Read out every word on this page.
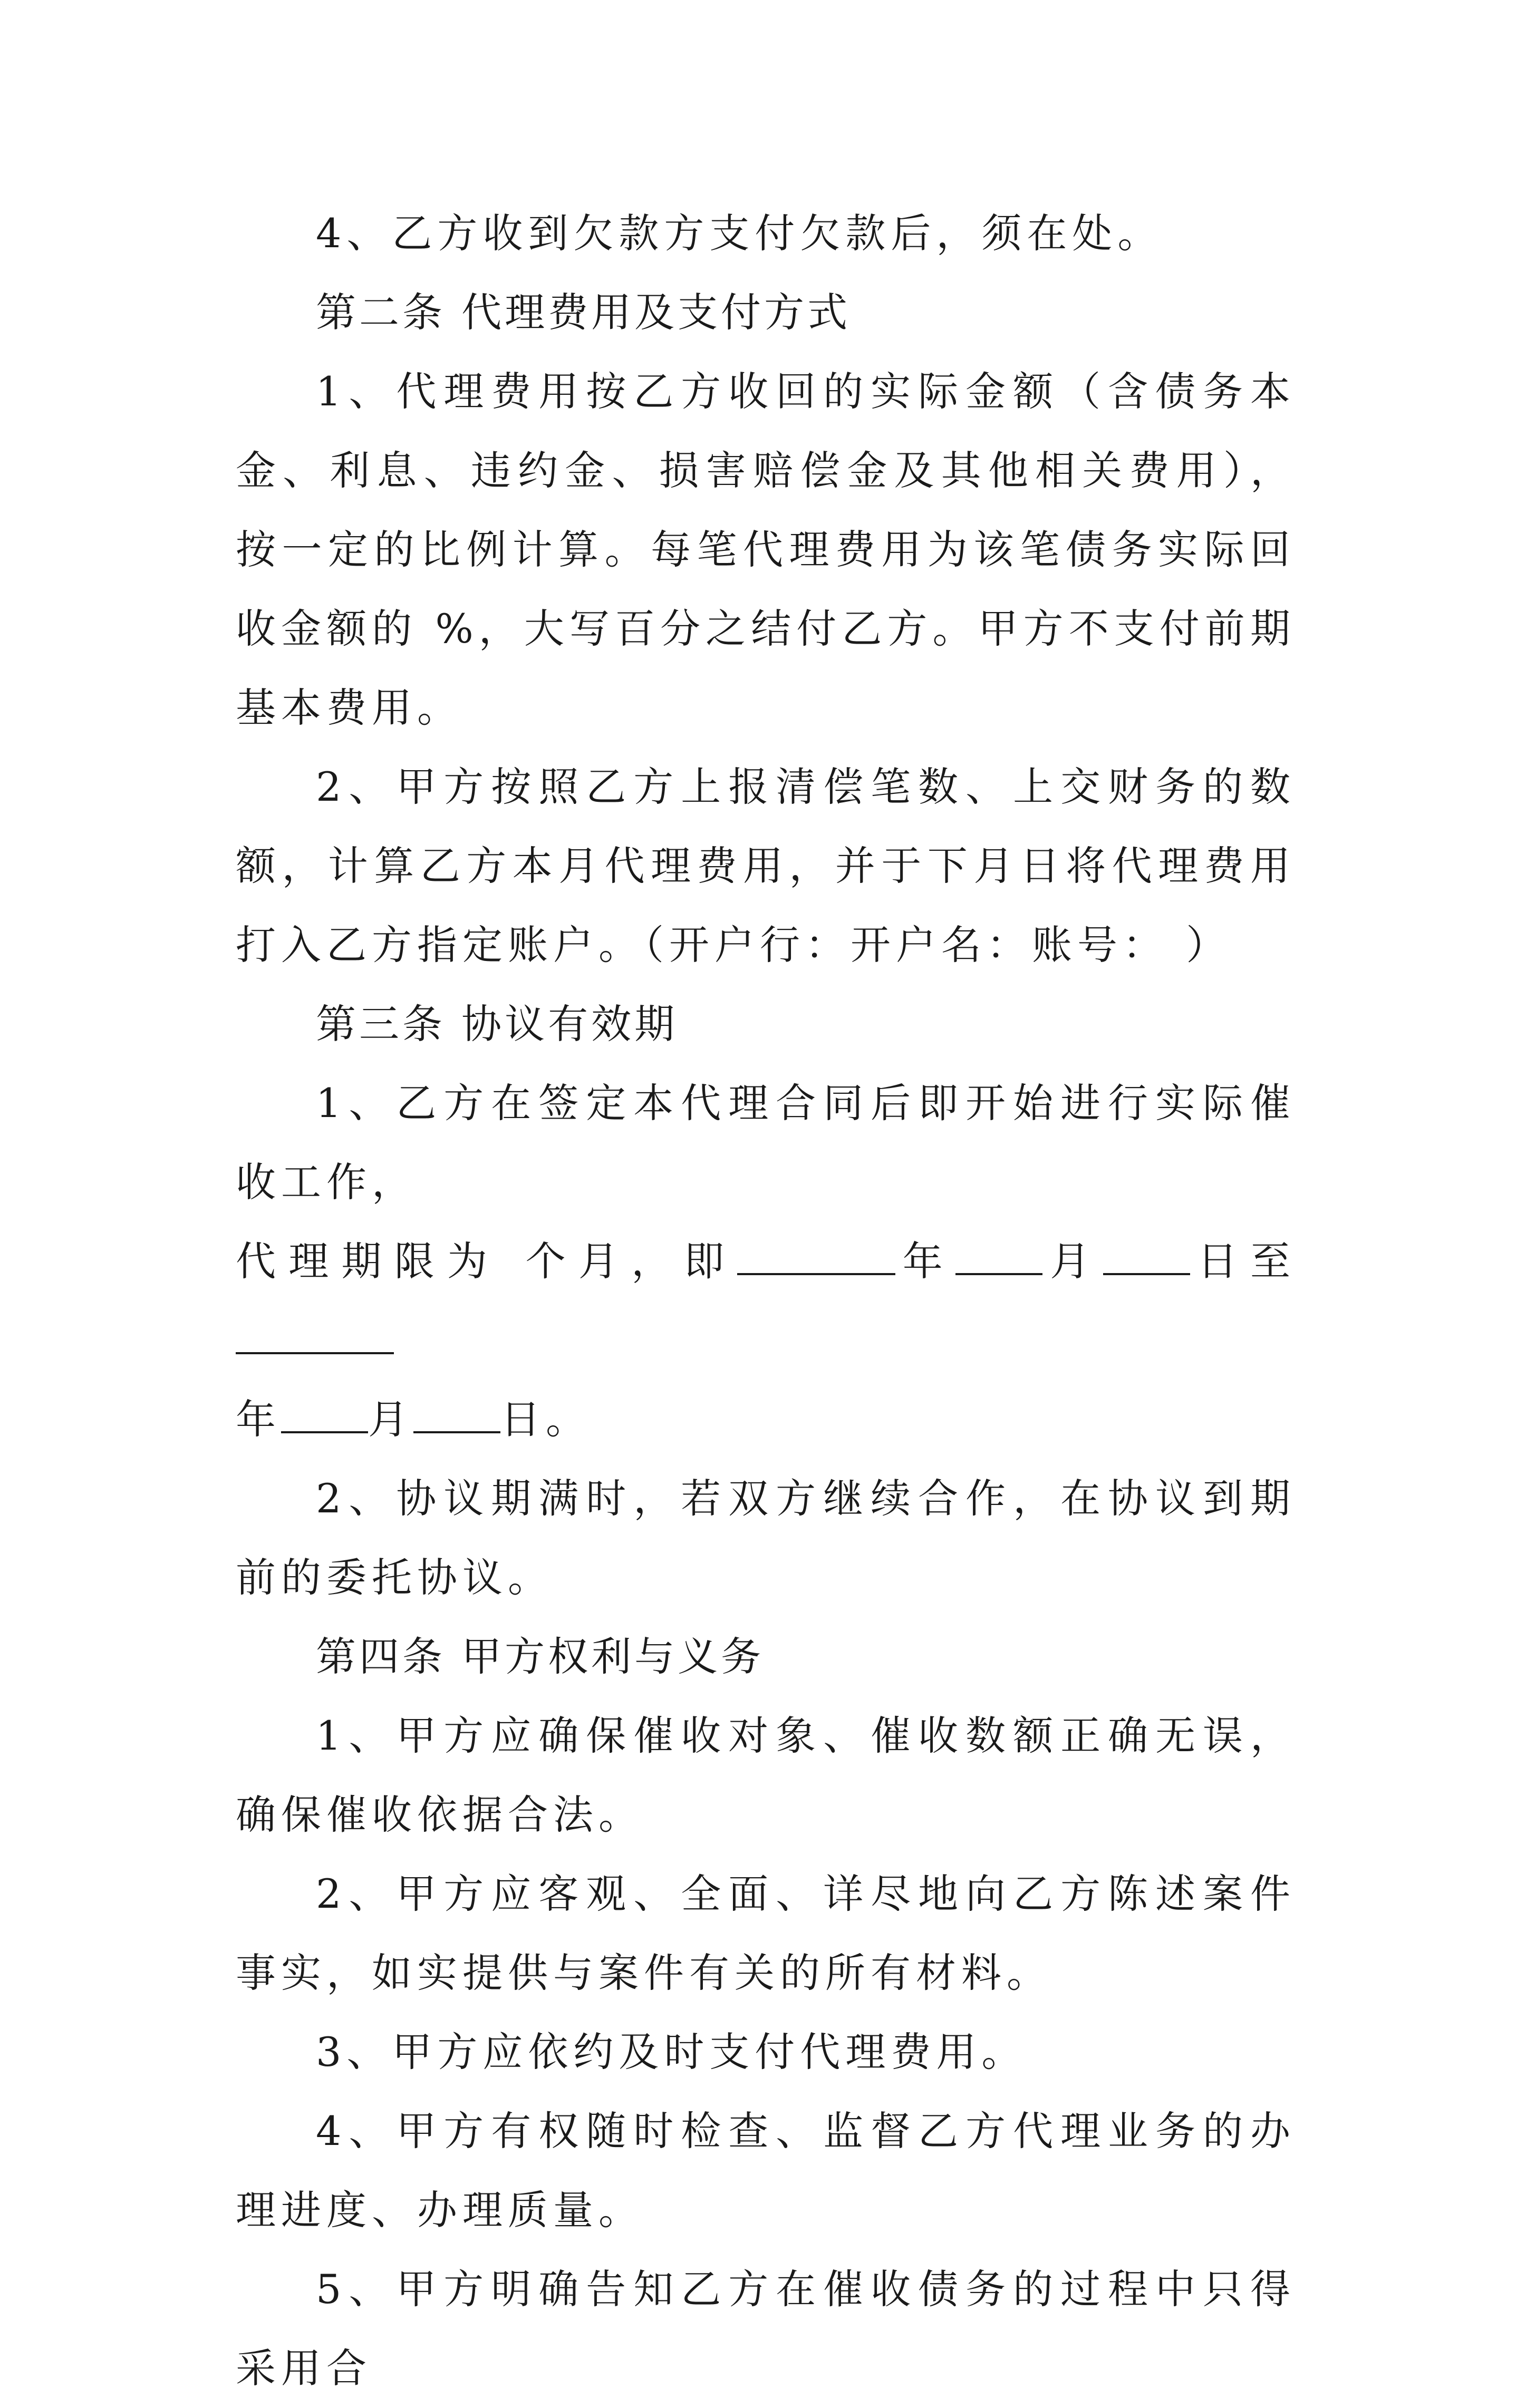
4、乙方收到欠款方支付欠款后，须在处。

第二条 代理费用及支付方式

1、代理费用按乙方收回的实际金额（含债务本金、利息、违约金、损害赔偿金及其他相关费用），按一定的比例计算。每笔代理费用为该笔债务实际回收金额的 %，大写百分之结付乙方。甲方不支付前期基本费用。

2、甲方按照乙方上报清偿笔数、上交财务的数额，计算乙方本月代理费用，并于下月日将代理费用打入乙方指定账户。（开户行：开户名：账号： ）

第三条 协议有效期

1、乙方在签定本代理合同后即开始进行实际催收工作，
代理期限为 个月，即	年 月 日至
年 月 日。

2、协议期满时，若双方继续合作，在协议到期前的委托协议。

第四条 甲方权利与义务

1、甲方应确保催收对象、催收数额正确无误，确保催收依据合法。

2、甲方应客观、全面、详尽地向乙方陈述案件事实，如实提供与案件有关的所有材料。

3、甲方应依约及时支付代理费用。

4、甲方有权随时检查、监督乙方代理业务的办理进度、办理质量。

5、甲方明确告知乙方在催收债务的过程中只得采用合
